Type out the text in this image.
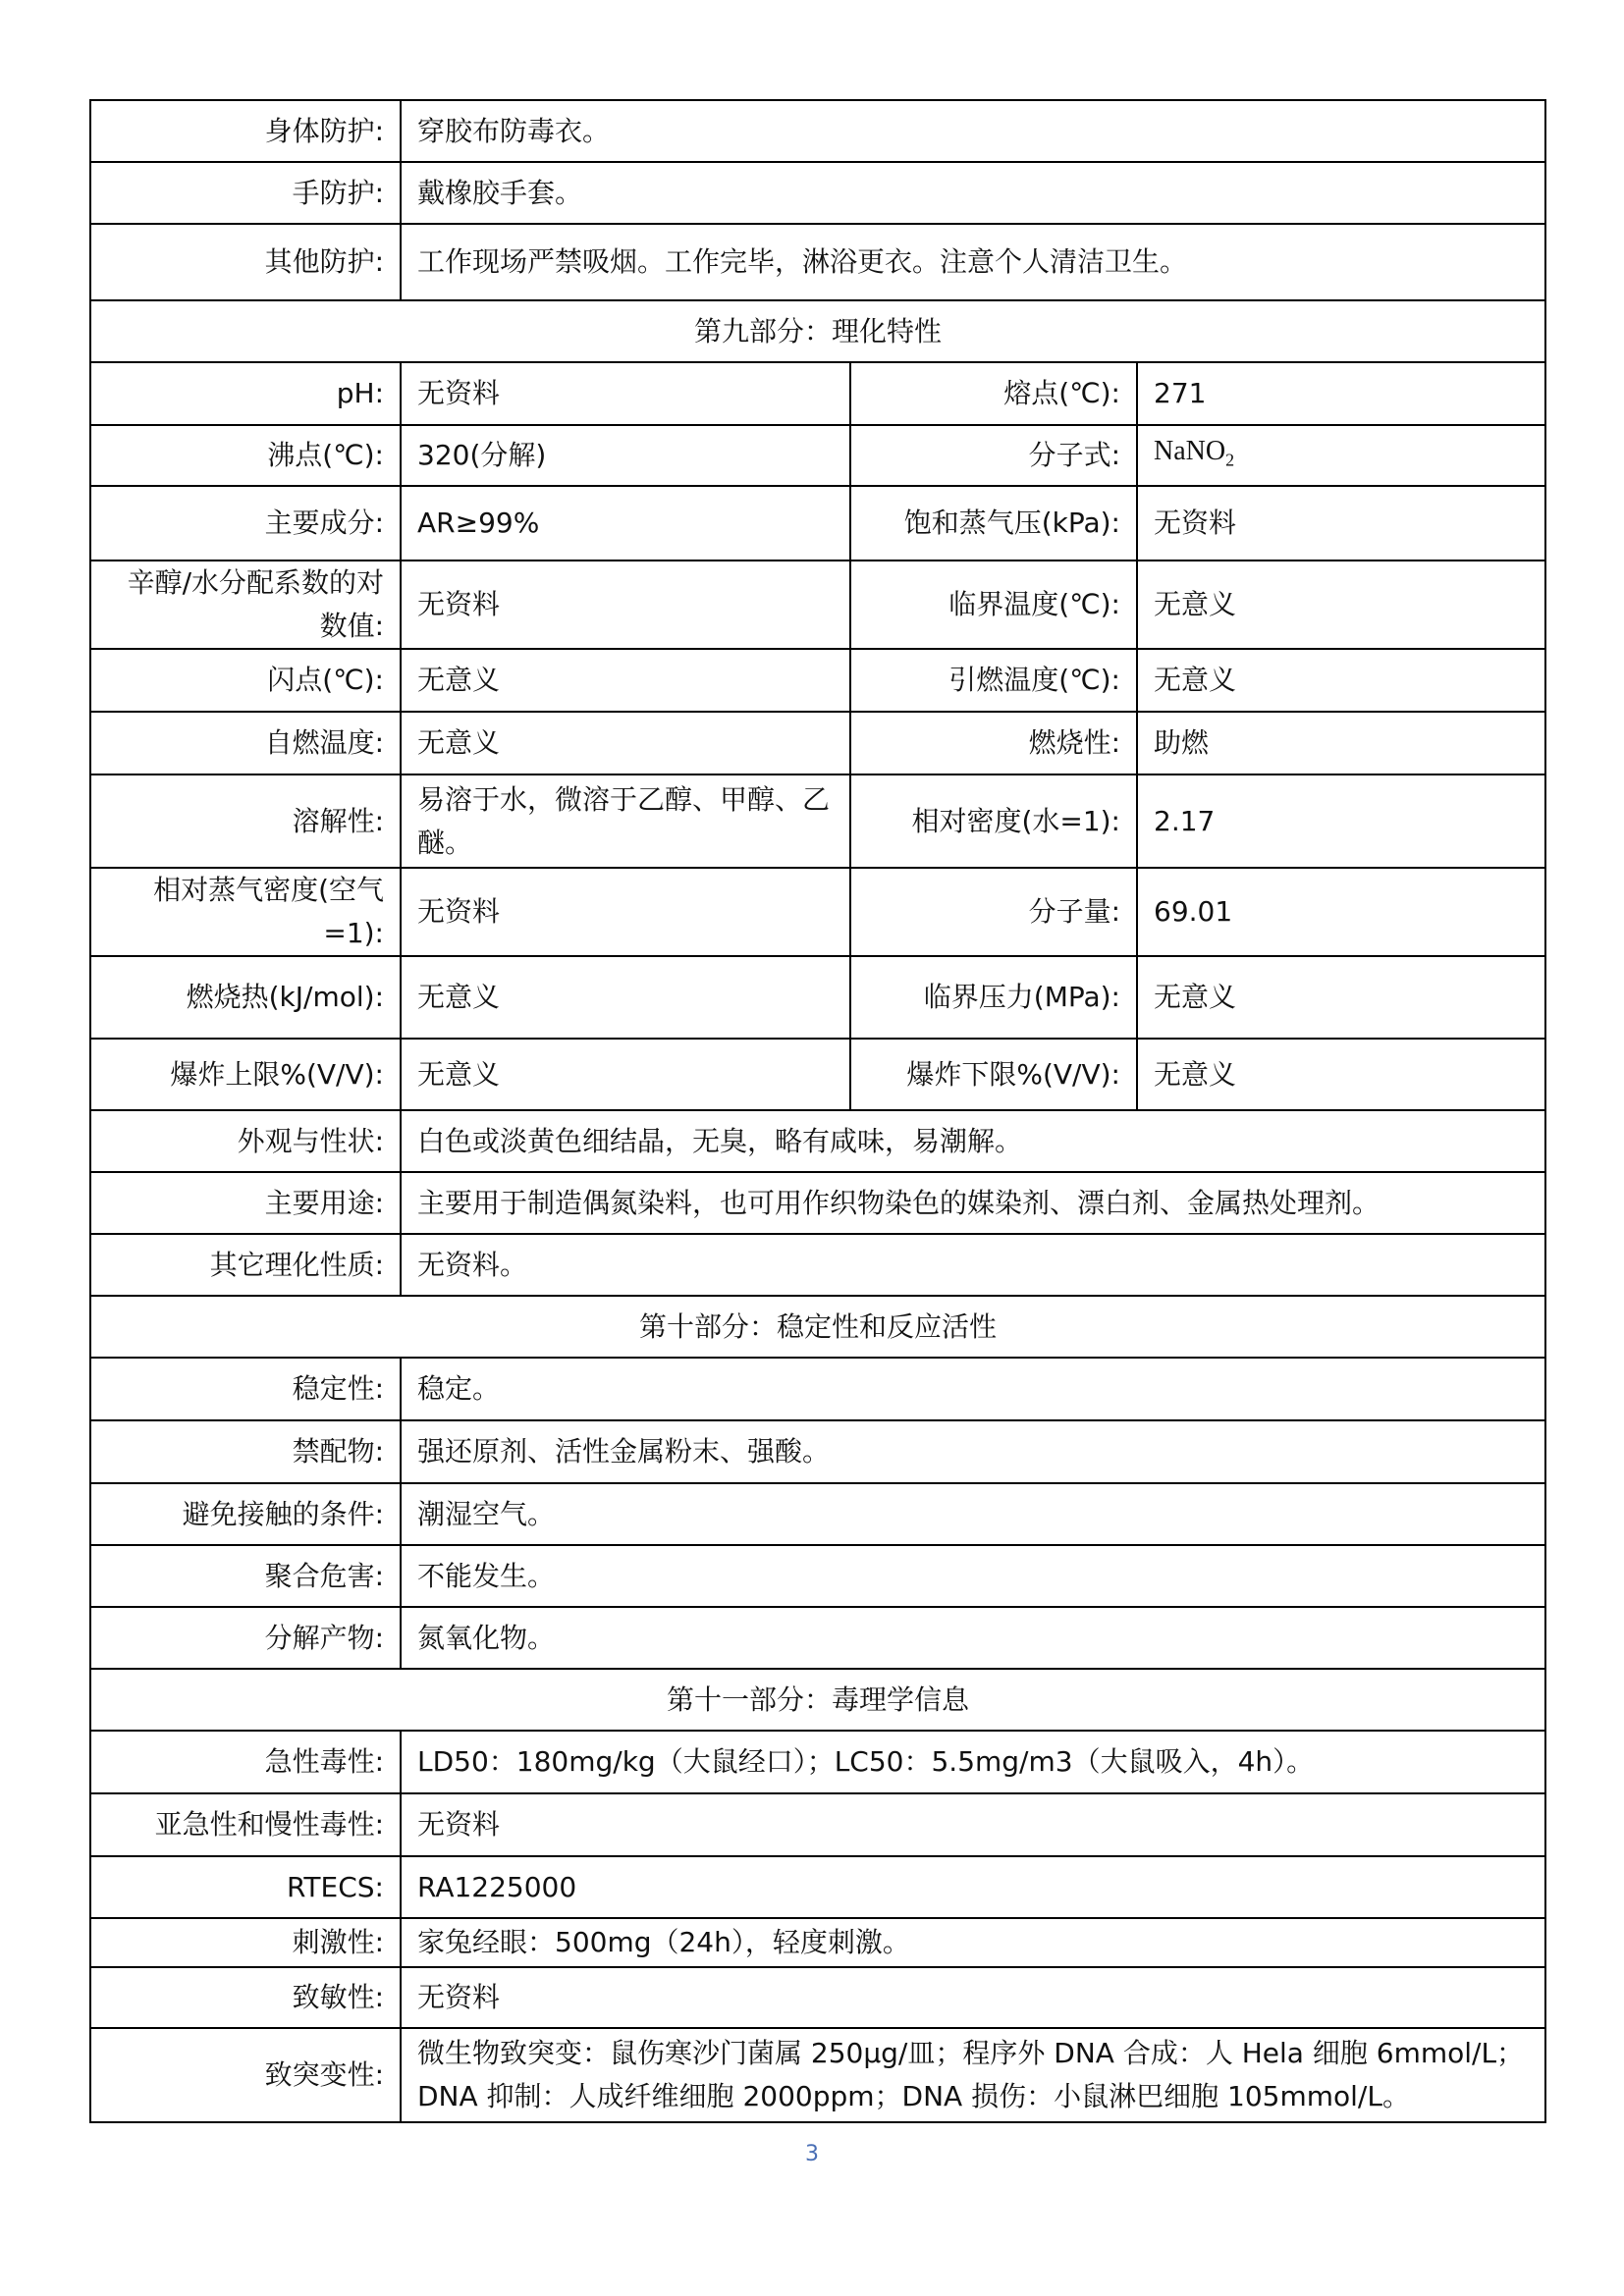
身体防护:	穿胶布防毒衣。		
手防护:	戴橡胶手套。		
其他防护:	工作现场严禁吸烟。工作完毕，淋浴更衣。注意个人清洁卫生。		
第九部分：理化特性			
pH:	无资料	熔点(℃):	271
沸点(℃):	320(分解)	分子式:	NaNO$_2$
主要成分:	AR≥99%	饱和蒸气压(kPa):	无资料
辛醇/水分配系数的对数值:	无资料	临界温度(℃):	无意义
闪点(℃):	无意义	引燃温度(℃):	无意义
自燃温度:	无意义	燃烧性:	助燃
溶解性:	易溶于水，微溶于乙醇、甲醇、乙醚。	相对密度(水=1):	2.17
相对蒸气密度(空气=1):	无资料	分子量:	69.01
燃烧热(kJ/mol):	无意义	临界压力(MPa):	无意义
爆炸上限%(V/V):	无意义	爆炸下限%(V/V):	无意义
外观与性状:	白色或淡黄色细结晶，无臭，略有咸味，易潮解。		
主要用途:	主要用于制造偶氮染料，也可用作织物染色的媒染剂、漂白剂、金属热处理剂。		
其它理化性质:	无资料。		
第十部分：稳定性和反应活性			
稳定性:	稳定。		
禁配物:	强还原剂、活性金属粉末、强酸。		
避免接触的条件:	潮湿空气。		
聚合危害:	不能发生。		
分解产物:	氮氧化物。		
第十一部分：毒理学信息			
急性毒性:	LD50：180mg/kg（大鼠经口）；LC50：5.5mg/m3（大鼠吸入，4h）。		
亚急性和慢性毒性:	无资料		
RTECS:	RA1225000		
刺激性:	家兔经眼：500mg（24h），轻度刺激。		
致敏性:	无资料		
致突变性:	微生物致突变：鼠伤寒沙门菌属 250μg/皿；程序外 DNA 合成：人 Hela 细胞 6mmol/L；DNA 抑制：人成纤维细胞 2000ppm；DNA 损伤：小鼠淋巴细胞 105mmol/L。		
3
